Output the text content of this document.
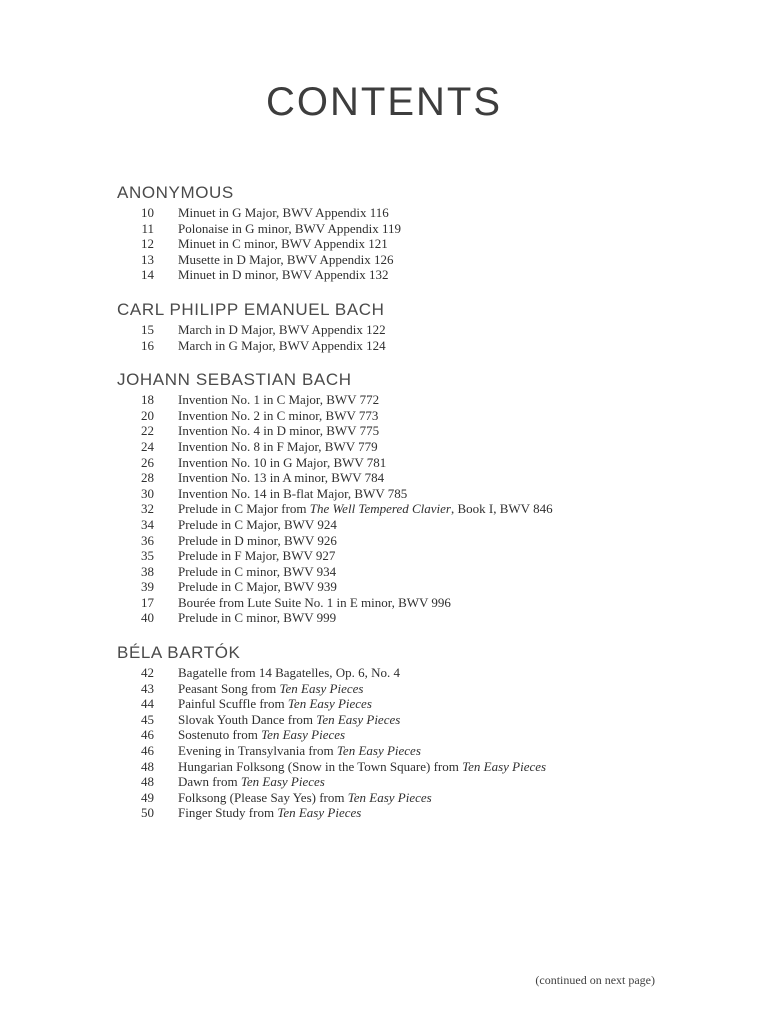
CONTENTS
ANONYMOUS
10	Minuet in G Major, BWV Appendix 116
11	Polonaise in G minor, BWV Appendix 119
12	Minuet in C minor, BWV Appendix 121
13	Musette in D Major, BWV Appendix 126
14	Minuet in D minor, BWV Appendix 132
CARL PHILIPP EMANUEL BACH
15	March in D Major, BWV Appendix 122
16	March in G Major, BWV Appendix 124
JOHANN SEBASTIAN BACH
18	Invention No. 1 in C Major, BWV 772
20	Invention No. 2 in C minor, BWV 773
22	Invention No. 4 in D minor, BWV 775
24	Invention No. 8 in F Major, BWV 779
26	Invention No. 10 in G Major, BWV 781
28	Invention No. 13 in A minor, BWV 784
30	Invention No. 14 in B-flat Major, BWV 785
32	Prelude in C Major from The Well Tempered Clavier, Book I, BWV 846
34	Prelude in C Major, BWV 924
36	Prelude in D minor, BWV 926
35	Prelude in F Major, BWV 927
38	Prelude in C minor, BWV 934
39	Prelude in C Major, BWV 939
17	Bourée from Lute Suite No. 1 in E minor, BWV 996
40	Prelude in C minor, BWV 999
BÉLA BARTÓK
42	Bagatelle from 14 Bagatelles, Op. 6, No. 4
43	Peasant Song from Ten Easy Pieces
44	Painful Scuffle from Ten Easy Pieces
45	Slovak Youth Dance from Ten Easy Pieces
46	Sostenuto from Ten Easy Pieces
46	Evening in Transylvania from Ten Easy Pieces
48	Hungarian Folksong (Snow in the Town Square) from Ten Easy Pieces
48	Dawn from Ten Easy Pieces
49	Folksong (Please Say Yes) from Ten Easy Pieces
50	Finger Study from Ten Easy Pieces
(continued on next page)
